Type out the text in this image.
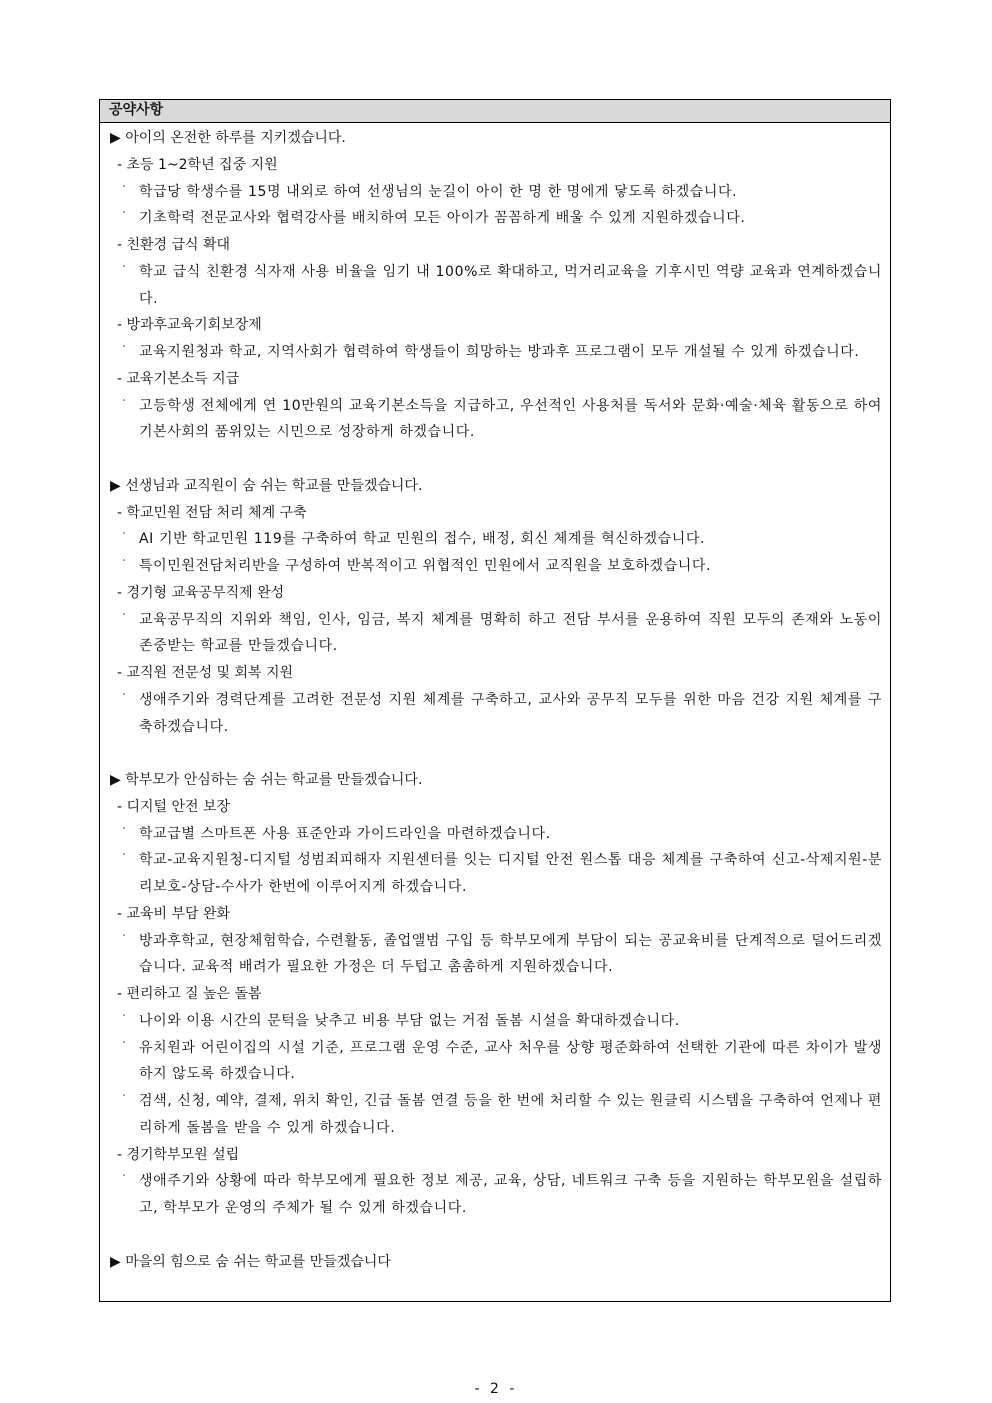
공약사항
▶ 아이의 온전한 하루를 지키겠습니다.
- 초등 1~2학년 집중 지원
· 학급당 학생수를 15명 내외로 하여 선생님의 눈길이 아이 한 명 한 명에게 닿도록 하겠습니다.
· 기초학력 전문교사와 협력강사를 배치하여 모든 아이가 꼼꼼하게 배울 수 있게 지원하겠습니다.
- 친환경 급식 확대
· 학교 급식 친환경 식자재 사용 비율을 임기 내 100%로 확대하고, 먹거리교육을 기후시민 역량 교육과 연계하겠습니다.
- 방과후교육기회보장제
· 교육지원청과 학교, 지역사회가 협력하여 학생들이 희망하는 방과후 프로그램이 모두 개설될 수 있게 하겠습니다.
- 교육기본소득 지급
· 고등학생 전체에게 연 10만원의 교육기본소득을 지급하고, 우선적인 사용처를 독서와 문화·예술·체육 활동으로 하여 기본사회의 품위있는 시민으로 성장하게 하겠습니다.
▶ 선생님과 교직원이 숨 쉬는 학교를 만들겠습니다.
- 학교민원 전담 처리 체계 구축
· AI 기반 학교민원 119를 구축하여 학교 민원의 접수, 배정, 회신 체계를 혁신하겠습니다.
· 특이민원전담처리반을 구성하여 반복적이고 위협적인 민원에서 교직원을 보호하겠습니다.
- 경기형 교육공무직제 완성
· 교육공무직의 지위와 책임, 인사, 임금, 복지 체계를 명확히 하고 전담 부서를 운용하여 직원 모두의 존재와 노동이 존중받는 학교를 만들겠습니다.
- 교직원 전문성 및 회복 지원
· 생애주기와 경력단계를 고려한 전문성 지원 체계를 구축하고, 교사와 공무직 모두를 위한 마음 건강 지원 체계를 구축하겠습니다.
▶ 학부모가 안심하는 숨 쉬는 학교를 만들겠습니다.
- 디지털 안전 보장
· 학교급별 스마트폰 사용 표준안과 가이드라인을 마련하겠습니다.
· 학교-교육지원청-디지털 성범죄피해자 지원센터를 잇는 디지털 안전 원스톱 대응 체계를 구축하여 신고-삭제지원-분리보호-상담-수사가 한번에 이루어지게 하겠습니다.
- 교육비 부담 완화
· 방과후학교, 현장체험학습, 수련활동, 졸업앨범 구입 등 학부모에게 부담이 되는 공교육비를 단계적으로 덜어드리겠습니다. 교육적 배려가 필요한 가정은 더 두텁고 촘촘하게 지원하겠습니다.
- 편리하고 질 높은 돌봄
· 나이와 이용 시간의 문턱을 낮추고 비용 부담 없는 거점 돌봄 시설을 확대하겠습니다.
· 유치원과 어린이집의 시설 기준, 프로그램 운영 수준, 교사 처우를 상향 평준화하여 선택한 기관에 따른 차이가 발생하지 않도록 하겠습니다.
· 검색, 신청, 예약, 결제, 위치 확인, 긴급 돌봄 연결 등을 한 번에 처리할 수 있는 원클릭 시스템을 구축하여 언제나 편리하게 돌봄을 받을 수 있게 하겠습니다.
- 경기학부모원 설립
· 생애주기와 상황에 따라 학부모에게 필요한 정보 제공, 교육, 상담, 네트워크 구축 등을 지원하는 학부모원을 설립하고, 학부모가 운영의 주체가 될 수 있게 하겠습니다.
▶ 마을의 힘으로 숨 쉬는 학교를 만들겠습니다
- 2 -
